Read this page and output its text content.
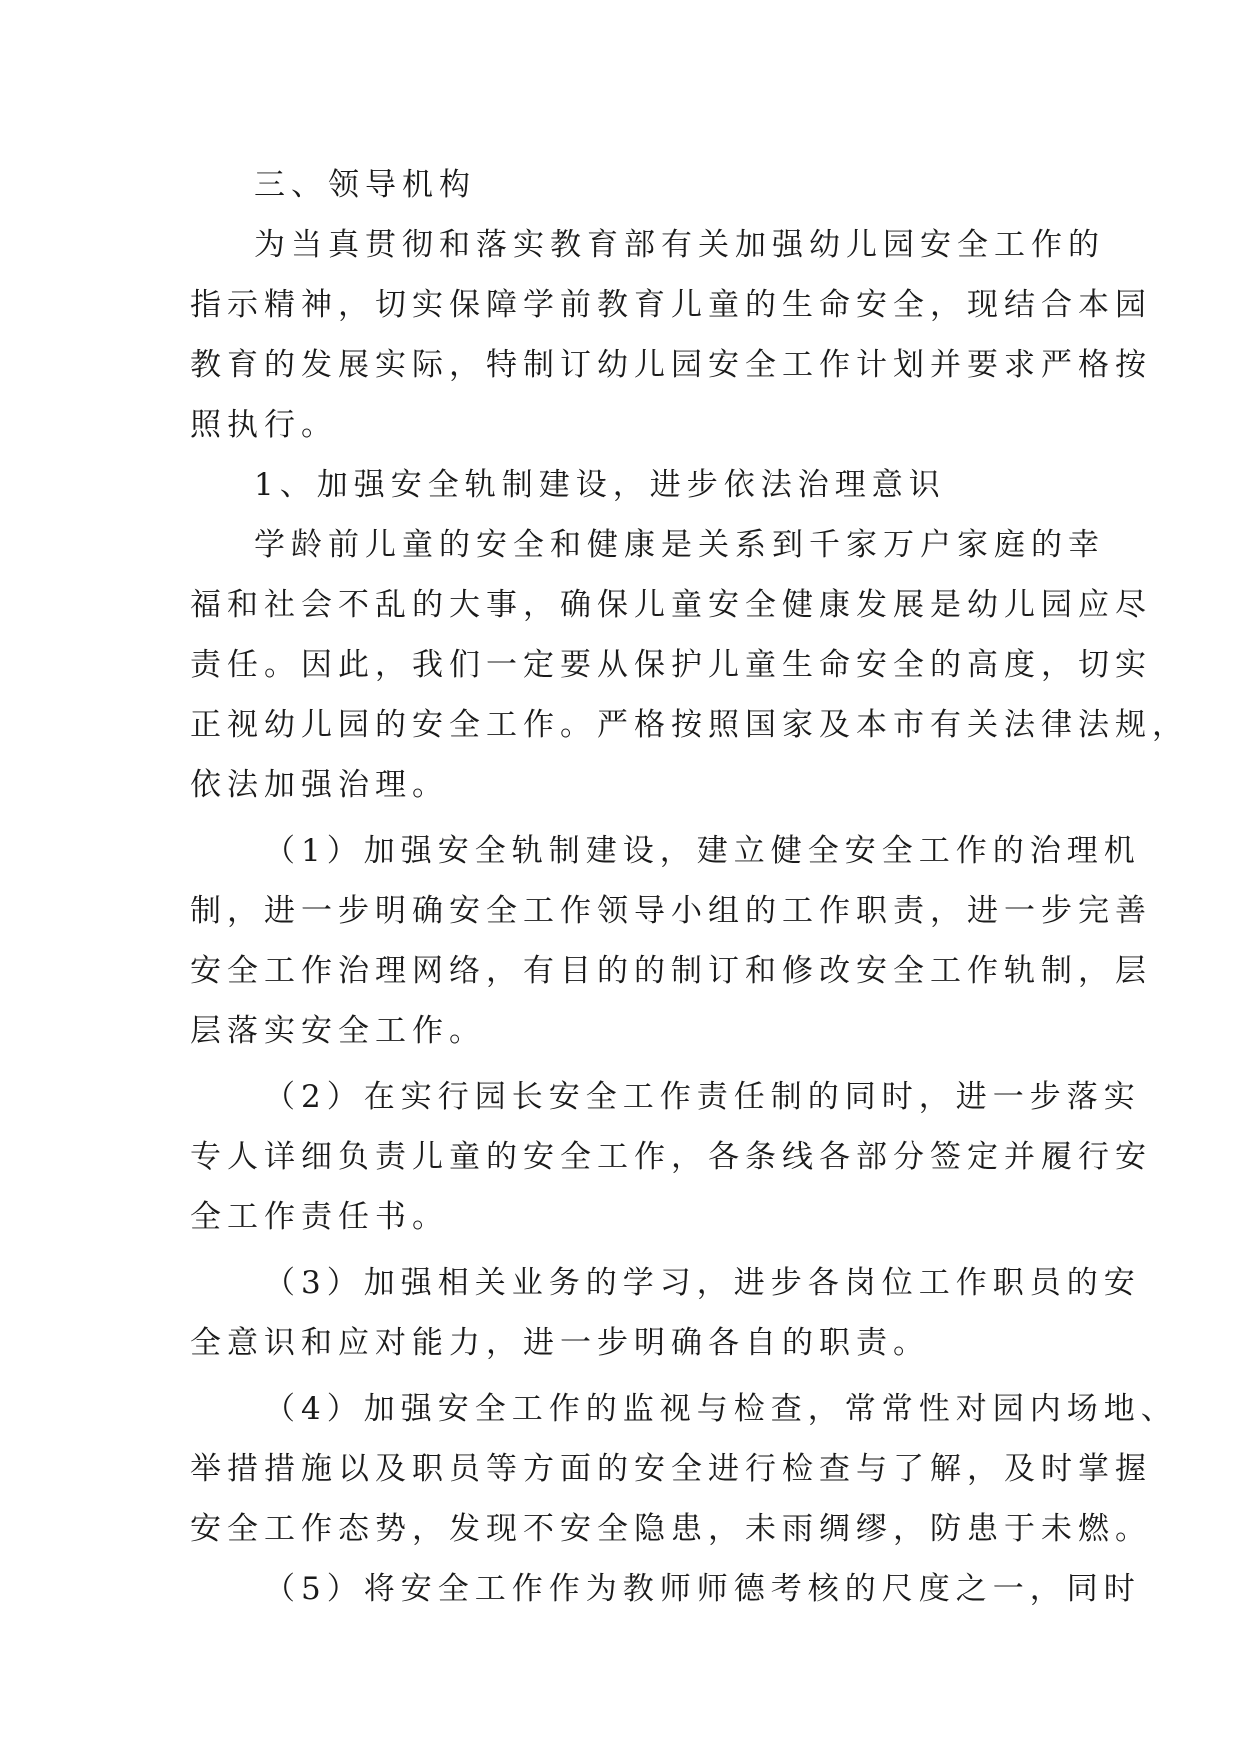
三、领导机构

为当真贯彻和落实教育部有关加强幼儿园安全工作的

指示精神，切实保障学前教育儿童的生命安全，现结合本园

教育的发展实际，特制订幼儿园安全工作计划并要求严格按

照执行。

1、加强安全轨制建设，进步依法治理意识

学龄前儿童的安全和健康是关系到千家万户家庭的幸

福和社会不乱的大事，确保儿童安全健康发展是幼儿园应尽

责任。因此，我们一定要从保护儿童生命安全的高度，切实

正视幼儿园的安全工作。严格按照国家及本市有关法律法规，

依法加强治理。

（1）加强安全轨制建设，建立健全安全工作的治理机

制，进一步明确安全工作领导小组的工作职责，进一步完善

安全工作治理网络，有目的的制订和修改安全工作轨制，层

层落实安全工作。

（2）在实行园长安全工作责任制的同时，进一步落实

专人详细负责儿童的安全工作，各条线各部分签定并履行安

全工作责任书。

（3）加强相关业务的学习，进步各岗位工作职员的安

全意识和应对能力，进一步明确各自的职责。

（4）加强安全工作的监视与检查，常常性对园内场地、

举措措施以及职员等方面的安全进行检查与了解，及时掌握

安全工作态势，发现不安全隐患，未雨绸缪，防患于未燃。

（5）将安全工作作为教师师德考核的尺度之一，同时
